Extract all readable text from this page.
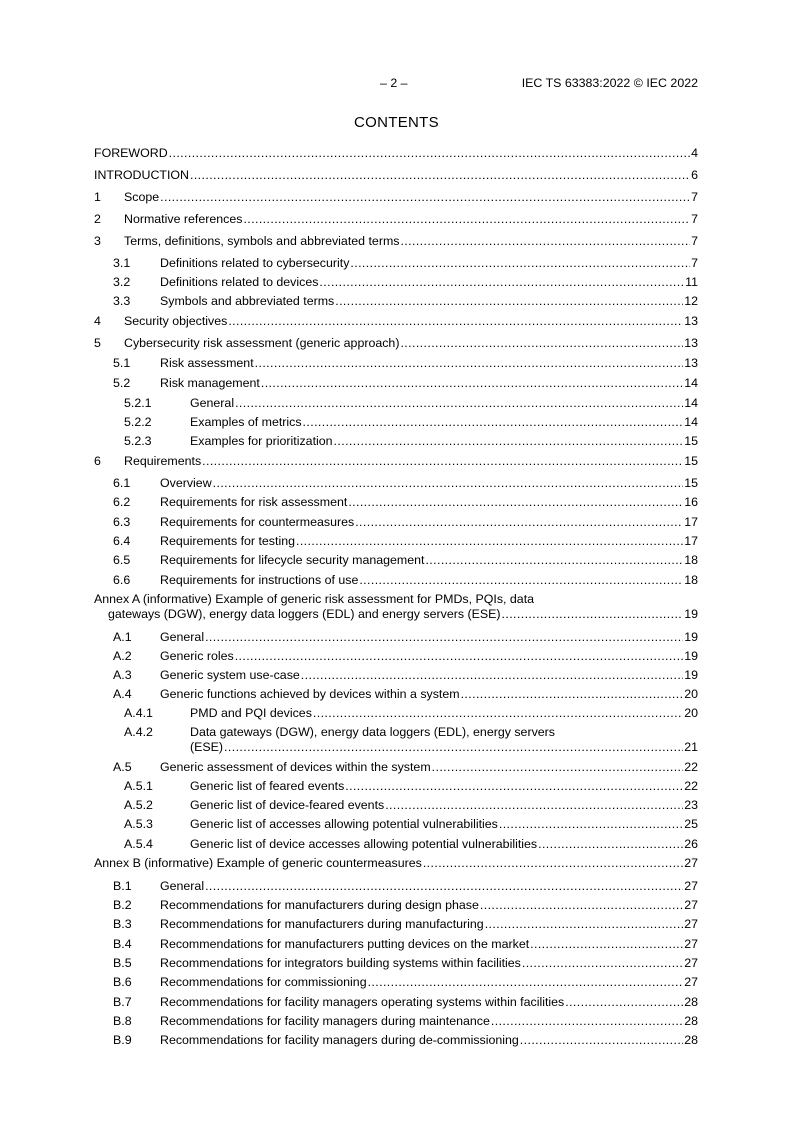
– 2 –	IEC TS 63383:2022 © IEC 2022
CONTENTS
FOREWORD .....	4
INTRODUCTION .....	6
1	Scope .....	7
2	Normative references .....	7
3	Terms, definitions, symbols and abbreviated terms .....	7
3.1	Definitions related to cybersecurity .....	7
3.2	Definitions related to devices .....	11
3.3	Symbols and abbreviated terms .....	12
4	Security objectives .....	13
5	Cybersecurity risk assessment (generic approach) .....	13
5.1	Risk assessment .....	13
5.2	Risk management .....	14
5.2.1	General .....	14
5.2.2	Examples of metrics .....	14
5.2.3	Examples for prioritization .....	15
6	Requirements .....	15
6.1	Overview .....	15
6.2	Requirements for risk assessment .....	16
6.3	Requirements for countermeasures .....	17
6.4	Requirements for testing .....	17
6.5	Requirements for lifecycle security management .....	18
6.6	Requirements for instructions of use .....	18
Annex A (informative) Example of generic risk assessment for PMDs, PQIs, data
gateways (DGW), energy data loggers (EDL) and energy servers (ESE) .....	19
A.1	General .....	19
A.2	Generic roles .....	19
A.3	Generic system use-case .....	19
A.4	Generic functions achieved by devices within a system .....	20
A.4.1	PMD and PQI devices .....	20
A.4.2	Data gateways (DGW), energy data loggers (EDL), energy servers
(ESE) .....	21
A.5	Generic assessment of devices within the system .....	22
A.5.1	Generic list of feared events .....	22
A.5.2	Generic list of device-feared events .....	23
A.5.3	Generic list of accesses allowing potential vulnerabilities .....	25
A.5.4	Generic list of device accesses allowing potential vulnerabilities .....	26
Annex B (informative) Example of generic countermeasures .....	27
B.1	General .....	27
B.2	Recommendations for manufacturers during design phase .....	27
B.3	Recommendations for manufacturers during manufacturing .....	27
B.4	Recommendations for manufacturers putting devices on the market .....	27
B.5	Recommendations for integrators building systems within facilities .....	27
B.6	Recommendations for commissioning .....	27
B.7	Recommendations for facility managers operating systems within facilities .....	28
B.8	Recommendations for facility managers during maintenance .....	28
B.9	Recommendations for facility managers during de-commissioning .....	28
